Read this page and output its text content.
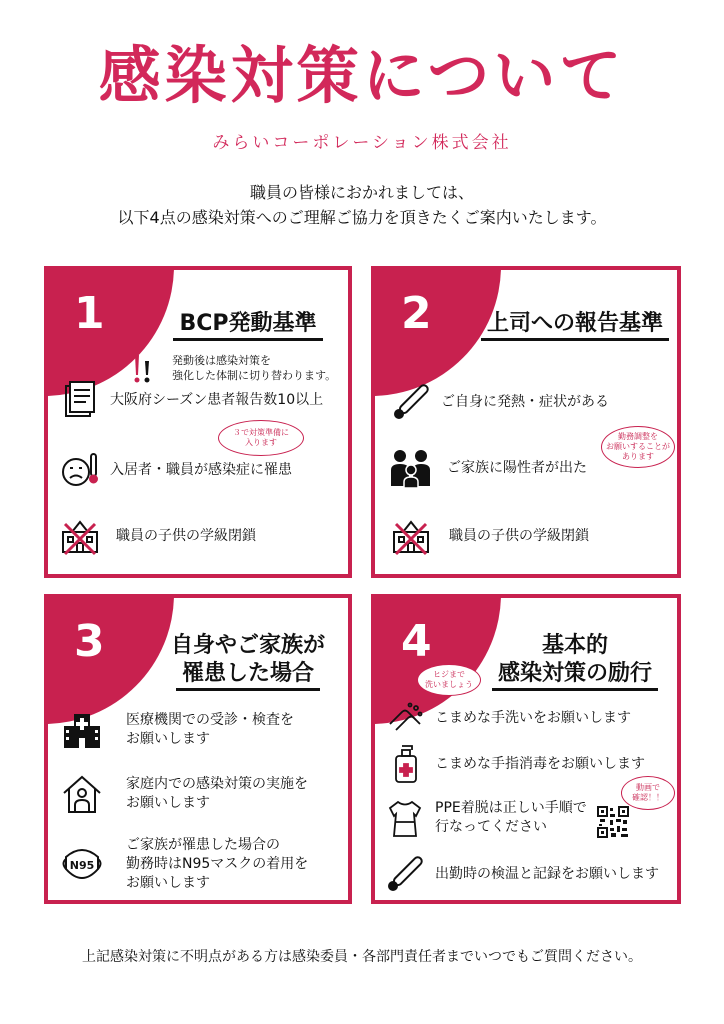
感染対策について
みらいコーポレーション株式会社
職員の皆様におかれましては、
以下4点の感染対策へのご理解ご協力を頂きたくご案内いたします。
1	BCP発動基準
発動後は感染対策を
強化した体制に切り替わります。
大阪府シーズン患者報告数10以上
３で対策準備に
入ります
入居者・職員が感染症に罹患
職員の子供の学級閉鎖
2	上司への報告基準
ご自身に発熱・症状がある
勤務調整を
お願いすることが
あります
ご家族に陽性者が出た
職員の子供の学級閉鎖
3	自身やご家族が
罹患した場合
医療機関での受診・検査を
お願いします
家庭内での感染対策の実施を
お願いします
N95
ご家族が罹患した場合の
勤務時はN95マスクの着用を
お願いします
4	基本的
感染対策の励行
ヒジまで
洗いましょう
こまめな手洗いをお願いします
こまめな手指消毒をお願いします
動画で
確認！！
PPE着脱は正しい手順で
行なってください
出勤時の検温と記録をお願いします
上記感染対策に不明点がある方は感染委員・各部門責任者までいつでもご質問ください。
